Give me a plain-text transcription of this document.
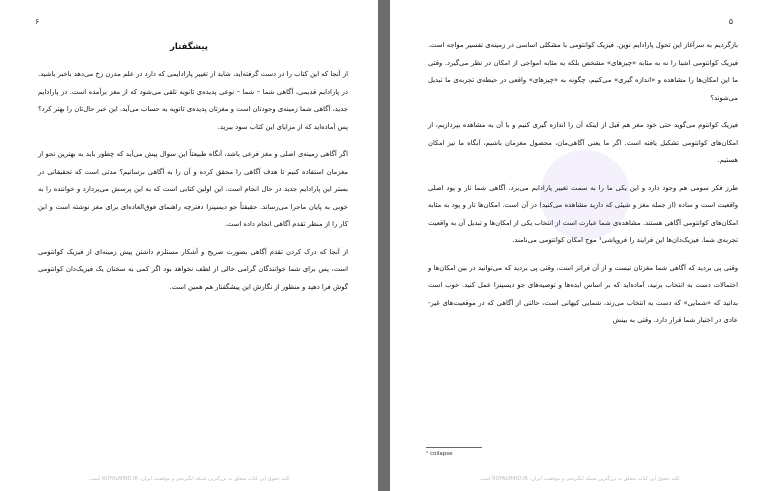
۶
پیشگفتار

از آنجا که این کتاب را در دست گرفته‌اید، شاید از تغییر پارادایمی که دارد در علم مدرن رخ می‌دهد باخبر باشید. در پارادایم قدیمی، آگاهی شما – شما – نوعی پدیده‌ی ثانویه تلقی می‌شود که از مغز برآمده است. در پارادایم جدید، آگاهی شما زمینه‌ی وجودتان است و مغزتان پدیده‌ی ثانویه به حساب می‌آید. این خبر حال‌تان را بهتر کرد؟ پس آماده‌اید که از مزایای این کتاب سود ببرید.

اگر آگاهی زمینه‌ی اصلی و مغز فرعی باشد، آنگاه طبیعتاً این سوال پیش می‌آید که چطور باید به بهترین نحو از مغزمان استفاده کنیم تا هدف آگاهی را محقق کرده و آن را به آگاهی برسانیم؟ مدتی است که تحقیقاتی در بستر این پارادایم جدید در حال انجام است. این اولین کتابی است که به این پرسش می‌پردازد و خواننده را به خوبی به پایان ماجرا می‌رساند. حقیقتاً جو دیسپنزا دفترچه راهنمای فوق‌العاده‌ای برای مغز نوشته است و این کار را از منظر تقدم آگاهی انجام داده است.

از آنجا که درک کردن تقدم آگاهی بصورت صریح و آشکار مستلزم داشتن پیش زمینه‌ای از فیزیک کوانتومی است، پس برای شما خوانندگان گرامی خالی از لطف نخواهد بود اگر کمی به سخنان یک فیزیک‌دان کوانتومی گوش فرا دهید و منظور از نگارش این پیشگفتار هم همین است.

کلیه حقوق این کتاب متعلق به بزرگترین شبکه انگیزشی و موفقیت ایران، ROYALMIND.IR است.
۵

بازگردیم به سرآغاز این تحول پارادایم نوین. فیزیک کوانتومی با مشکلی اساسی در زمینه‌ی تفسیر مواجه است. فیزیک کوانتومی اشیا را نه به مثابه «چیزهای» مشخص بلکه به مثابه امواجی از امکان در نظر می‌گیرد. وقتی ما این امکان‌ها را مشاهده و «اندازه گیری» می‌کنیم، چگونه به «چیزهای» واقعی در حیطه‌ی تجربه‌ی ما تبدیل می‌شوند؟

فیزیک کوانتوم می‌گوید حتی خود مغز هم قبل از اینکه آن را اندازه گیری کنیم و با آن به مشاهده بپردازیم، از امکان‌های کوانتومی تشکیل یافته است. اگر ما یعنی آگاهی‌مان، محصول مغزمان باشیم، آنگاه ما نیز امکان هستیم.

طرز فکر سومی هم وجود دارد و این یکی ما را به سمت تغییر پارادایم می‌برد. آگاهی شما تار و پود اصلی واقعیت است و ساده (از جمله مغز و شیئی که دارید مشاهده می‌کنید) در آن است. امکان‌ها تار و پود به مثابه امکان‌های کوانتومی آگاهی هستند. مشاهده‌ی شما عبارت است از انتخاب یکی از امکان‌ها و تبدیل آن به واقعیت تجربه‌ی شما. فیزیک‌دان‌ها این فرایند را فروپاشی¹ موج امکان کوانتومی می‌نامند.

وقتی پی بردید که آگاهی شما مغزتان نیست و از آن فراتر است، وقتی پی بردید که می‌توانید در بین امکان‌ها و احتمالات دست به انتخاب بزنید، آماده‌اید که بر اساس ایده‌ها و توصیه‌های جو دیسپنزا عمل کنید. خوب است بدانید که «شمایی» که دست به انتخاب می‌زند، شمایی کیهانی است، حالتی از آگاهی که در موقعیت‌های غیر-عادی در اختیار شما قرار دارد. وقتی به بینش

¹ collapse
کلیه حقوق این کتاب متعلق به بزرگترین شبکه انگیزشی و موفقیت ایران، ROYALMIND.IR است.
